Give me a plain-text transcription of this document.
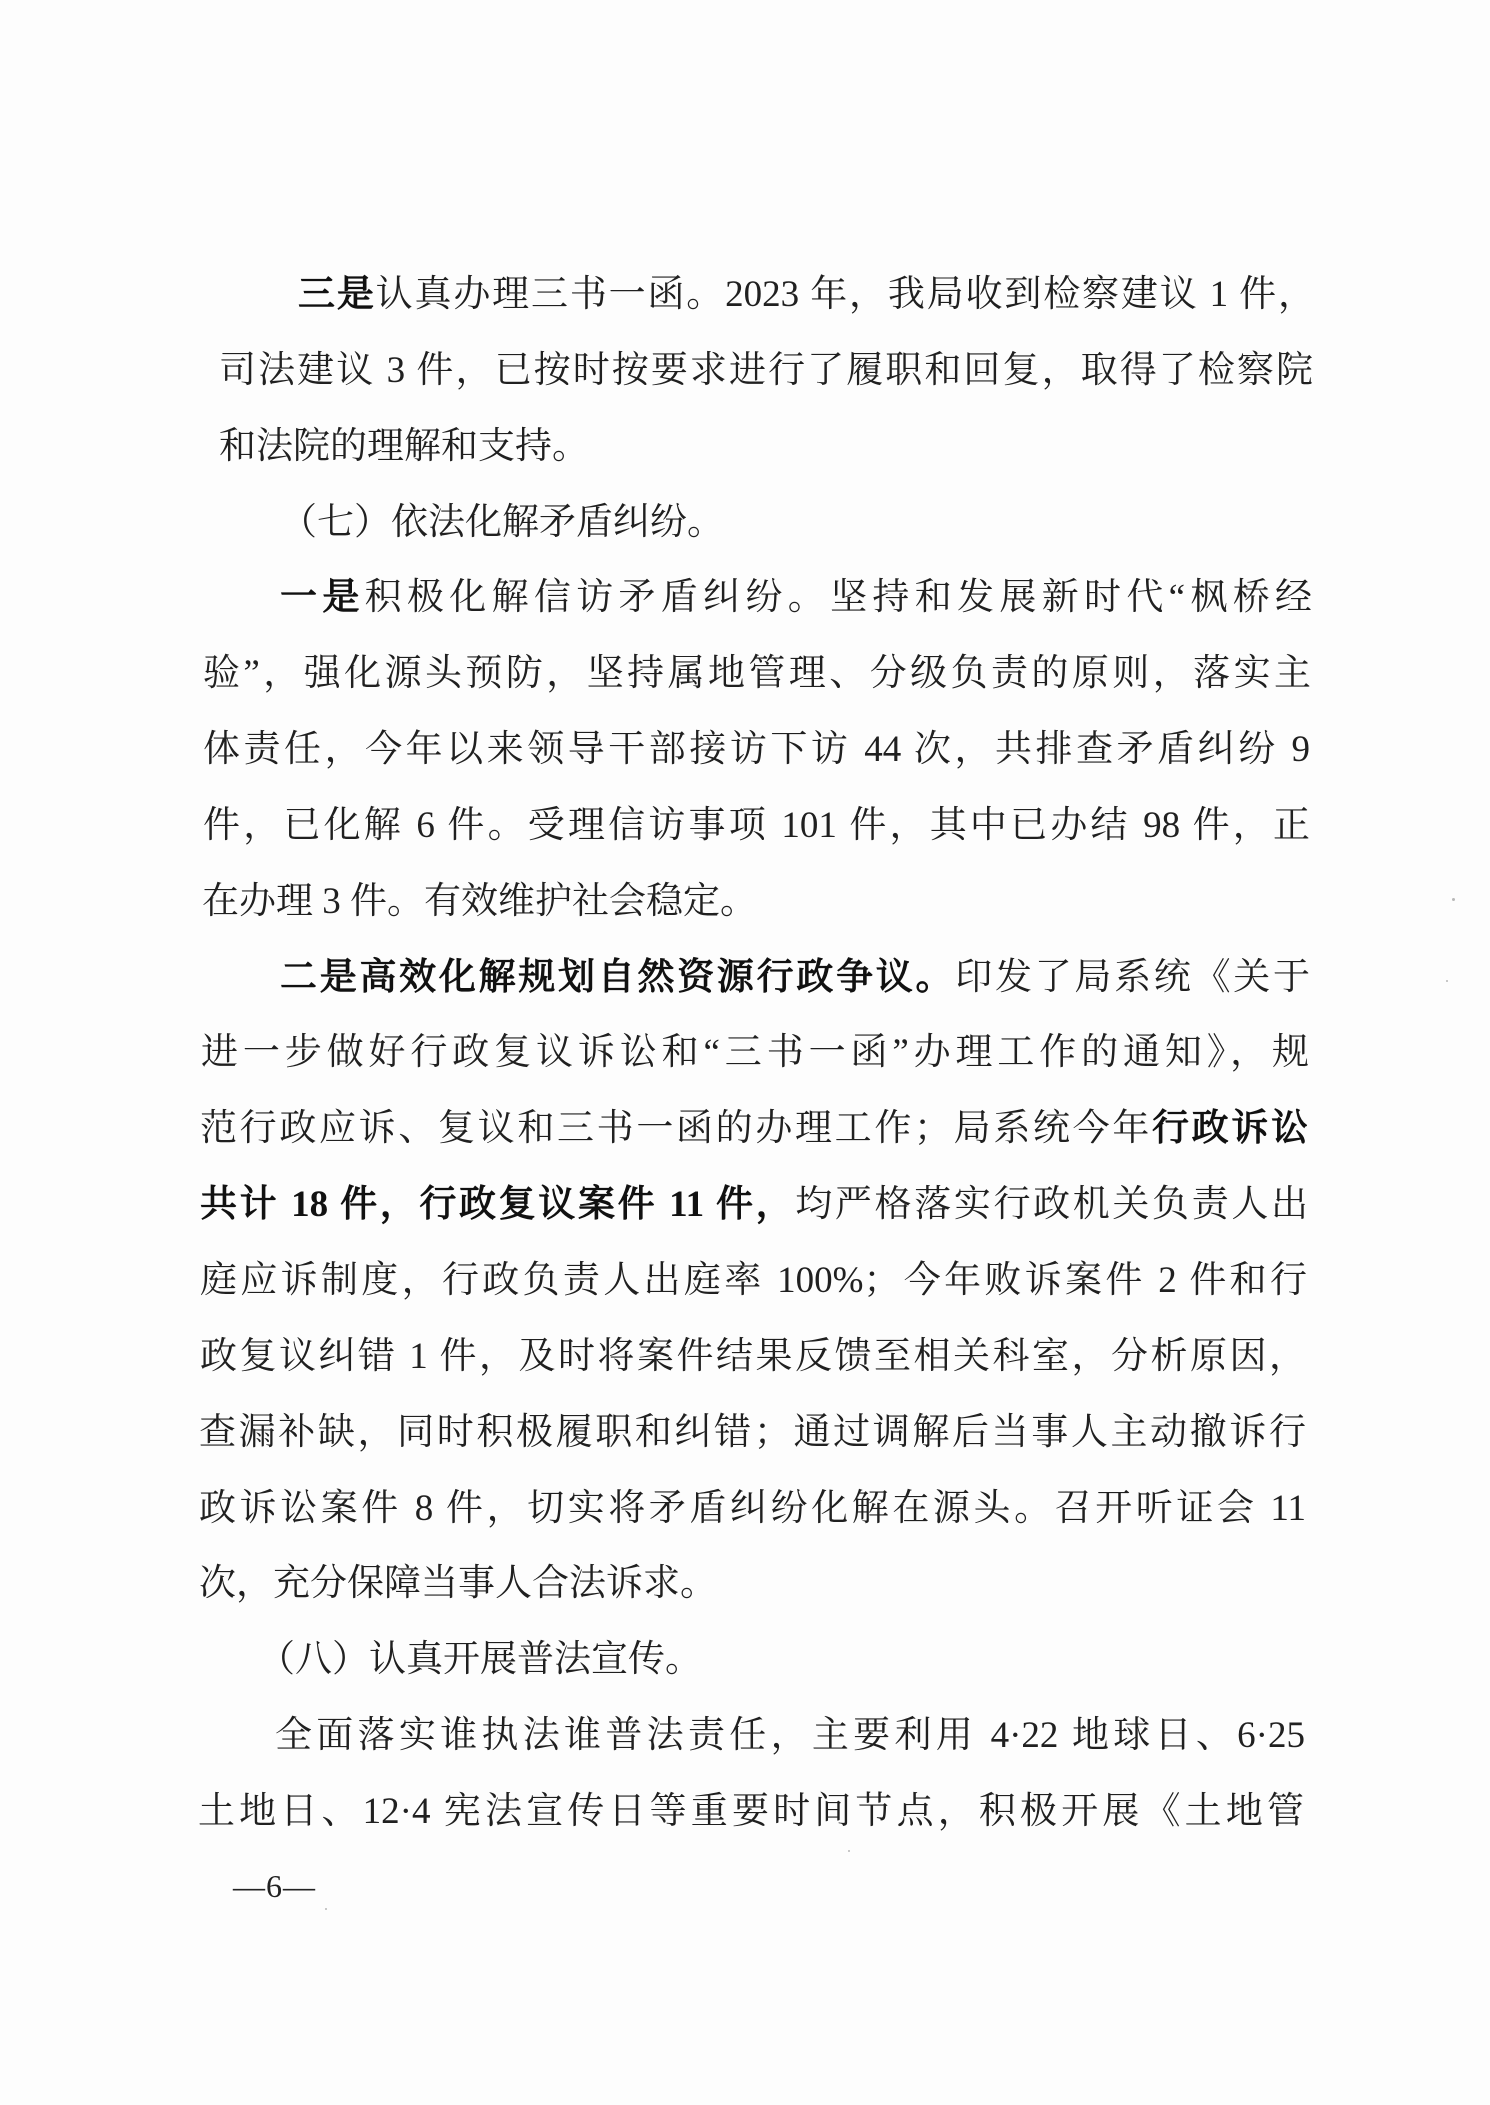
三是认真办理三书一函。2023 年，我局收到检察建议 1 件，
司法建议 3 件，已按时按要求进行了履职和回复，取得了检察院
和法院的理解和支持。
（七）依法化解矛盾纠纷。
一是积极化解信访矛盾纠纷。坚持和发展新时代“枫桥经
验”，强化源头预防，坚持属地管理、分级负责的原则，落实主
体责任，今年以来领导干部接访下访 44 次，共排查矛盾纠纷 9
件，已化解 6 件。受理信访事项 101 件，其中已办结 98 件，正
在办理 3 件。有效维护社会稳定。
二是高效化解规划自然资源行政争议。印发了局系统《关于
进一步做好行政复议诉讼和“三书一函”办理工作的通知》，规
范行政应诉、复议和三书一函的办理工作；局系统今年行政诉讼
共计 18 件，行政复议案件 11 件，均严格落实行政机关负责人出
庭应诉制度，行政负责人出庭率 100%；今年败诉案件 2 件和行
政复议纠错 1 件，及时将案件结果反馈至相关科室，分析原因，
查漏补缺，同时积极履职和纠错；通过调解后当事人主动撤诉行
政诉讼案件 8 件，切实将矛盾纠纷化解在源头。召开听证会 11
次，充分保障当事人合法诉求。
（八）认真开展普法宣传。
全面落实谁执法谁普法责任，主要利用 4·22 地球日、6·25
土地日、12·4 宪法宣传日等重要时间节点，积极开展《土地管
—6—
